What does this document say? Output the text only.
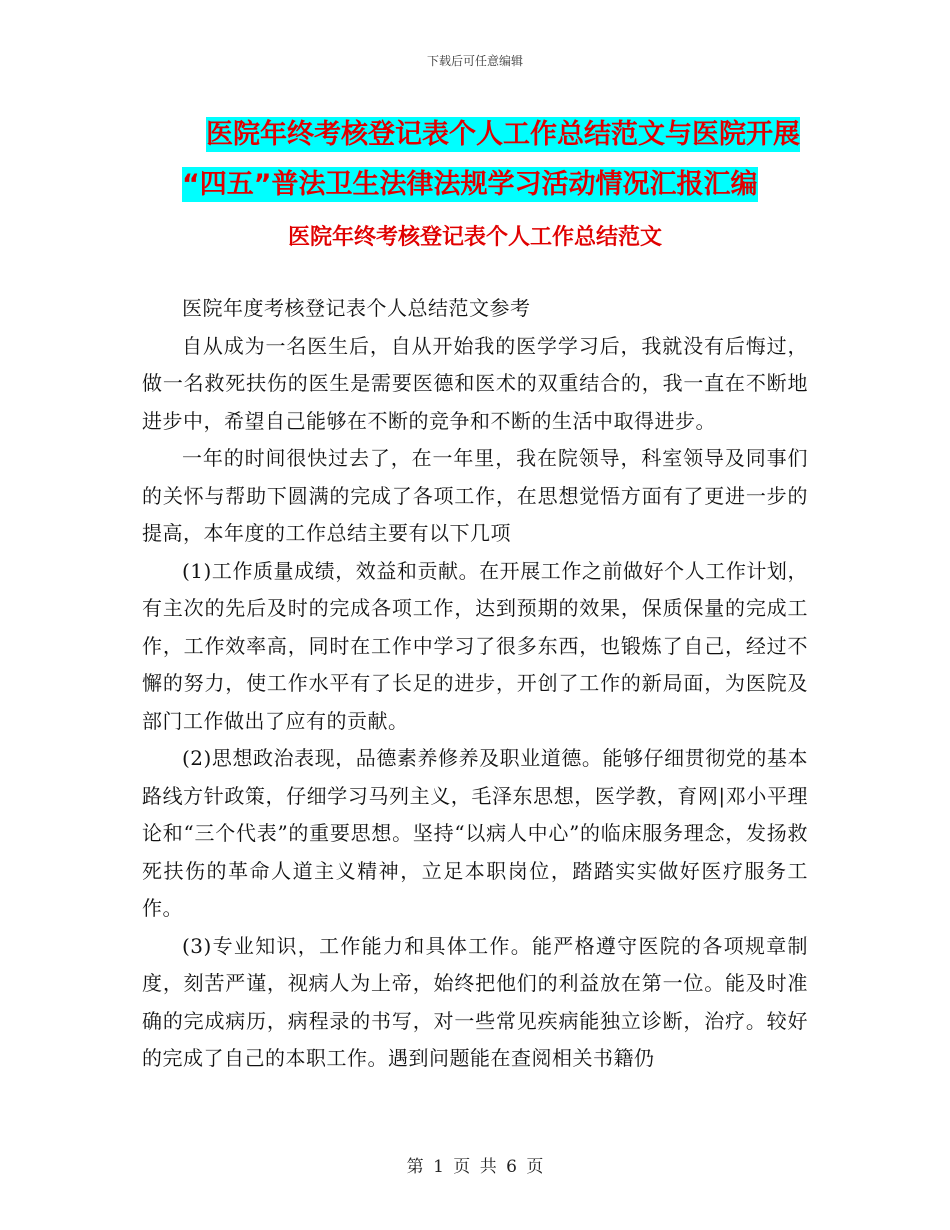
下载后可任意编辑
医院年终考核登记表个人工作总结范文与医院开展
“四五”普法卫生法律法规学习活动情况汇报汇编
医院年终考核登记表个人工作总结范文

医院年度考核登记表个人总结范文参考

自从成为一名医生后，自从开始我的医学学习后，我就没有后悔过，做一名救死扶伤的医生是需要医德和医术的双重结合的，我一直在不断地进步中，希望自己能够在不断的竞争和不断的生活中取得进步。

一年的时间很快过去了，在一年里，我在院领导，科室领导及同事们的关怀与帮助下圆满的完成了各项工作，在思想觉悟方面有了更进一步的提高，本年度的工作总结主要有以下几项

(1)工作质量成绩，效益和贡献。在开展工作之前做好个人工作计划，有主次的先后及时的完成各项工作，达到预期的效果，保质保量的完成工作，工作效率高，同时在工作中学习了很多东西，也锻炼了自己，经过不懈的努力，使工作水平有了长足的进步，开创了工作的新局面，为医院及部门工作做出了应有的贡献。

(2)思想政治表现，品德素养修养及职业道德。能够仔细贯彻党的基本路线方针政策，仔细学习马列主义，毛泽东思想，医学教，育网|邓小平理论和“三个代表”的重要思想。坚持“以病人中心”的临床服务理念，发扬救死扶伤的革命人道主义精神，立足本职岗位，踏踏实实做好医疗服务工作。

(3)专业知识，工作能力和具体工作。能严格遵守医院的各项规章制度，刻苦严谨，视病人为上帝，始终把他们的利益放在第一位。能及时准确的完成病历，病程录的书写，对一些常见疾病能独立诊断，治疗。较好的完成了自己的本职工作。遇到问题能在查阅相关书籍仍

第 1 页 共 6 页
